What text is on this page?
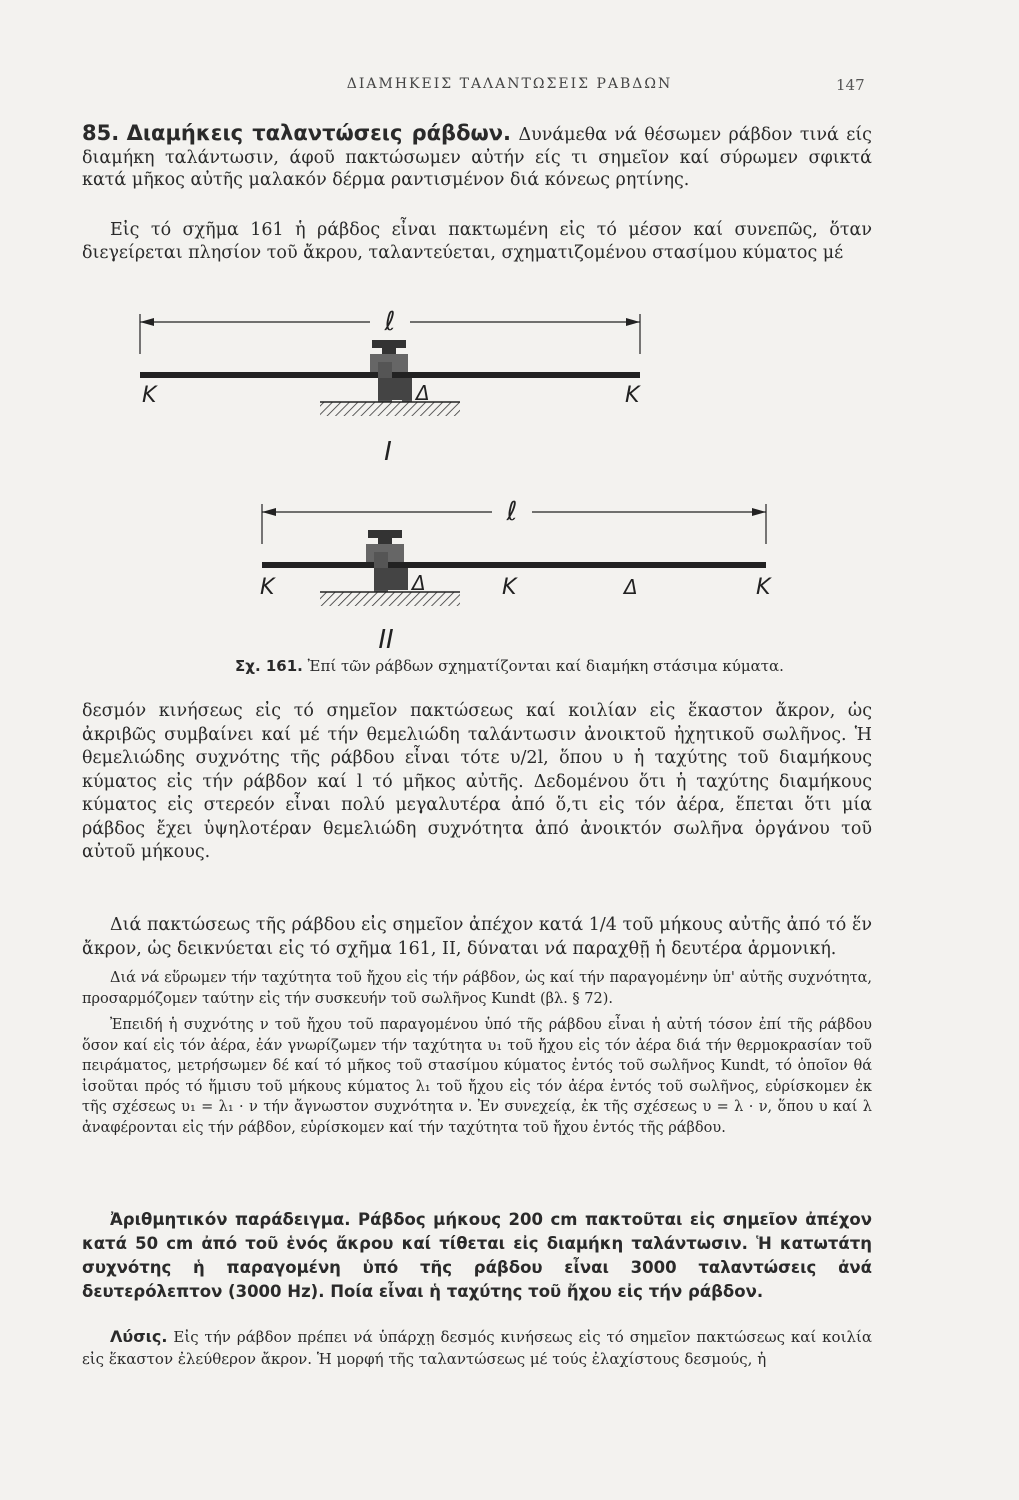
ΔΙΑΜΗΚΕΙΣ ΤΑΛΑΝΤΩΣΕΙΣ ΡΑΒΔΩΝ	147
85. Διαμήκεις ταλαντώσεις ράβδων. Δυνάμεθα νά θέσωμεν ράβδον τινά είς διαμήκη ταλάντωσιν, άφοῦ πακτώσωμεν αὐτήν είς τι σημεῖον καί σύρωμεν σφικτά κατά μῆκος αὐτῆς μαλακόν δέρμα ραντισμένον διά κόνεως ρητίνης.
Εἰς τό σχῆμα 161 ἡ ράβδος εἶναι πακτωμένη εἰς τό μέσον καί συνεπῶς, ὅταν διεγείρεται πλησίον τοῦ ἄκρου, ταλαντεύεται, σχηματιζομένου στασίμου κύματος μέ
ℓ
K	Δ	K
I
ℓ
K	Δ	K	Δ	K
II
Σχ. 161. Ἐπί τῶν ράβδων σχηματίζονται καί διαμήκη στάσιμα κύματα.
δεσμόν κινήσεως εἰς τό σημεῖον πακτώσεως καί κοιλίαν εἰς ἕκαστον ἄκρον, ὡς ἀκριβῶς συμβαίνει καί μέ τήν θεμελιώδη ταλάντωσιν ἀνοικτοῦ ἠχητικοῦ σωλῆνος. Ἡ θεμελιώδης συχνότης τῆς ράβδου εἶναι τότε υ/2l, ὅπου υ ἡ ταχύτης τοῦ διαμήκους κύματος εἰς τήν ράβδον καί l τό μῆκος αὐτῆς. Δεδομένου ὅτι ἡ ταχύτης διαμήκους κύματος εἰς στερεόν εἶναι πολύ μεγαλυτέρα ἀπό ὅ,τι εἰς τόν ἀέρα, ἕπεται ὅτι μία ράβδος ἔχει ὑψηλοτέραν θεμελιώδη συχνότητα ἀπό ἀνοικτόν σωλῆνα ὀργάνου τοῦ αὐτοῦ μήκους.
Διά πακτώσεως τῆς ράβδου εἰς σημεῖον ἀπέχον κατά 1/4 τοῦ μήκους αὐτῆς ἀπό τό ἕν ἄκρον, ὡς δεικνύεται εἰς τό σχῆμα 161, II, δύναται νά παραχθῇ ἡ δευτέρα ἁρμονική.
Διά νά εὕρωμεν τήν ταχύτητα τοῦ ἤχου εἰς τήν ράβδον, ὡς καί τήν παραγομένην ὑπ' αὐτῆς συχνότητα, προσαρμόζομεν ταύτην εἰς τήν συσκευήν τοῦ σωλῆνος Kundt (βλ. § 72).
Ἐπειδή ἡ συχνότης ν τοῦ ἤχου τοῦ παραγομένου ὑπό τῆς ράβδου εἶναι ἡ αὐτή τόσον ἐπί τῆς ράβδου ὅσον καί εἰς τόν ἀέρα, ἐάν γνωρίζωμεν τήν ταχύτητα υ₁ τοῦ ἤχου εἰς τόν ἀέρα διά τήν θερμοκρασίαν τοῦ πειράματος, μετρήσωμεν δέ καί τό μῆκος τοῦ στασίμου κύματος ἐντός τοῦ σωλῆνος Kundt, τό ὁποῖον θά ἰσοῦται πρός τό ἥμισυ τοῦ μήκους κύματος λ₁ τοῦ ἤχου εἰς τόν ἀέρα ἐντός τοῦ σωλῆνος, εὑρίσκομεν ἐκ τῆς σχέσεως υ₁ = λ₁ · ν τήν ἄγνωστον συχνότητα ν. Ἐν συνεχείᾳ, ἐκ τῆς σχέσεως υ = λ · ν, ὅπου υ καί λ ἀναφέρονται εἰς τήν ράβδον, εὑρίσκομεν καί τήν ταχύτητα τοῦ ἤχου ἐντός τῆς ράβδου.
Ἀριθμητικόν παράδειγμα. Ράβδος μήκους 200 cm πακτοῦται εἰς σημεῖον ἀπέχον κατά 50 cm ἀπό τοῦ ἑνός ἄκρου καί τίθεται εἰς διαμήκη ταλάντωσιν. Ἡ κατωτάτη συχνότης ἡ παραγομένη ὑπό τῆς ράβδου εἶναι 3000 ταλαντώσεις ἀνά δευτερόλεπτον (3000 Hz). Ποία εἶναι ἡ ταχύτης τοῦ ἤχου εἰς τήν ράβδον.
Λύσις. Εἰς τήν ράβδον πρέπει νά ὑπάρχῃ δεσμός κινήσεως εἰς τό σημεῖον πακτώσεως καί κοιλία εἰς ἕκαστον ἐλεύθερον ἄκρον. Ἡ μορφή τῆς ταλαντώσεως μέ τούς ἐλαχίστους δεσμούς, ἡ
